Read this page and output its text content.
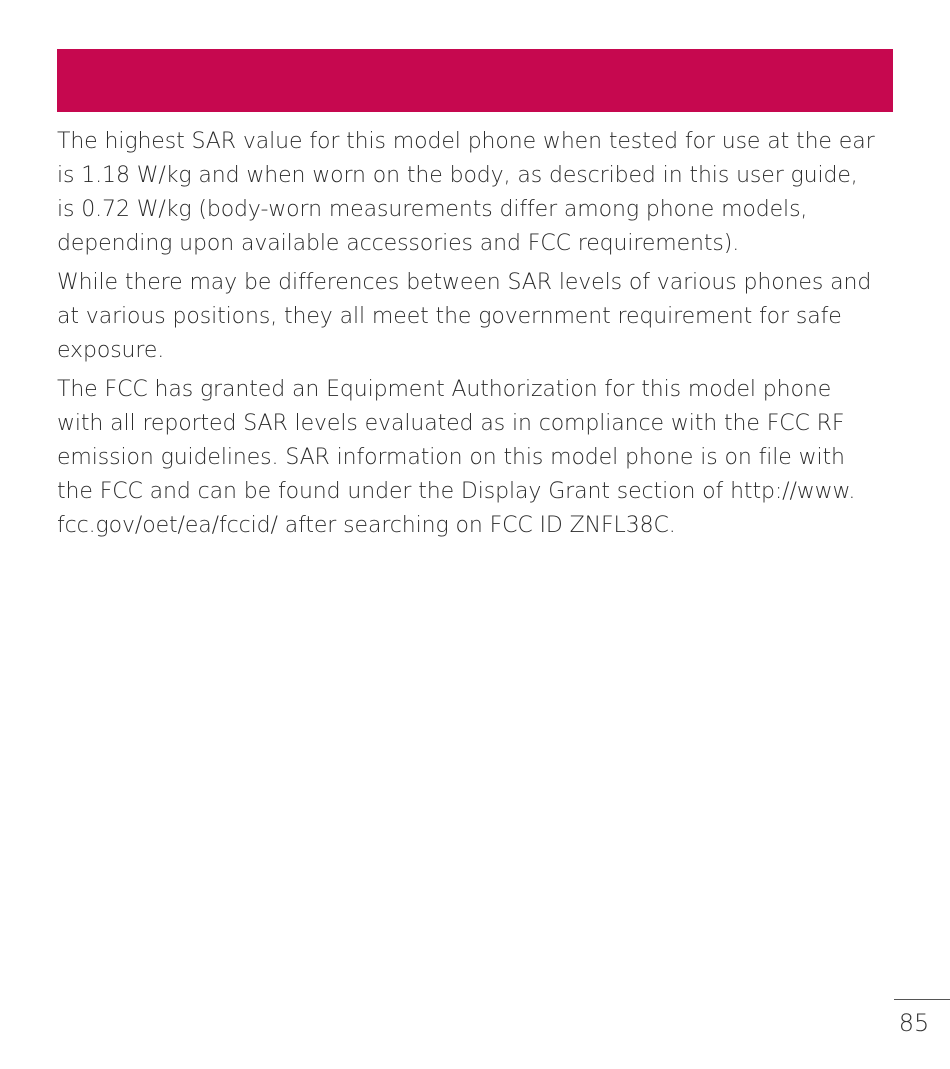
The highest SAR value for this model phone when tested for use at the ear
is 1.18 W/kg and when worn on the body, as described in this user guide,
is 0.72 W/kg (body-worn measurements differ among phone models,
depending upon available accessories and FCC requirements).

While there may be differences between SAR levels of various phones and
at various positions, they all meet the government requirement for safe
exposure.

The FCC has granted an Equipment Authorization for this model phone
with all reported SAR levels evaluated as in compliance with the FCC RF
emission guidelines. SAR information on this model phone is on file with
the FCC and can be found under the Display Grant section of http://www.
fcc.gov/oet/ea/fccid/ after searching on FCC ID ZNFL38C.

85
